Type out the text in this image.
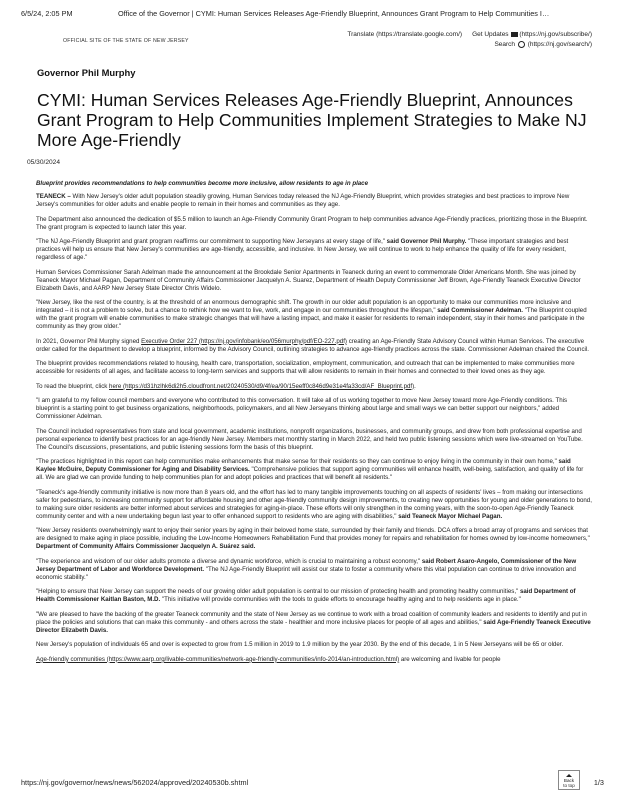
6/5/24, 2:05 PM	Office of the Governor | CYMI: Human Services Releases Age-Friendly Blueprint, Announces Grant Program to Help Communities I…
OFFICIAL SITE OF THE STATE OF NEW JERSEY
Translate (https://translate.google.com/) Get Updates (https://nj.gov/subscribe/)
Search (https://nj.gov/search/)
Governor Phil Murphy
CYMI: Human Services Releases Age-Friendly Blueprint, Announces Grant Program to Help Communities Implement Strategies to Make NJ More Age-Friendly
05/30/2024

Blueprint provides recommendations to help communities become more inclusive, allow residents to age in place

TEANECK – With New Jersey's older adult population steadily growing, Human Services today released the NJ Age-Friendly Blueprint, which provides strategies and best practices to improve New Jersey's communities for older adults and enable people to remain in their homes and communities as they age.

The Department also announced the dedication of $5.5 million to launch an Age-Friendly Community Grant Program to help communities advance Age-Friendly practices, prioritizing those in the Blueprint. The grant program is expected to launch later this year.

"The NJ Age-Friendly Blueprint and grant program reaffirms our commitment to supporting New Jerseyans at every stage of life," said Governor Phil Murphy. "These important strategies and best practices will help us ensure that New Jersey's communities are age-friendly, accessible, and inclusive. In New Jersey, we will continue to work to help enhance the quality of life for every resident, regardless of age."

Human Services Commissioner Sarah Adelman made the announcement at the Brookdale Senior Apartments in Teaneck during an event to commemorate Older Americans Month. She was joined by Teaneck Mayor Michael Pagan, Department of Community Affairs Commissioner Jacquelyn A. Suarez, Department of Health Deputy Commissioner Jeff Brown, Age-Friendly Teaneck Executive Director Elizabeth Davis, and AARP New Jersey State Director Chris Widelo.

"New Jersey, like the rest of the country, is at the threshold of an enormous demographic shift. The growth in our older adult population is an opportunity to make our communities more inclusive and integrated – it is not a problem to solve, but a chance to rethink how we want to live, work, and engage in our communities throughout the lifespan," said Commissioner Adelman. "The Blueprint coupled with the grant program will enable communities to make strategic changes that will have a lasting impact, and make it easier for residents to remain independent, stay in their homes and participate in the community as they grow older."

In 2021, Governor Phil Murphy signed Executive Order 227 (https://nj.gov/infobank/eo/056murphy/pdf/EO-227.pdf) creating an Age-Friendly State Advisory Council within Human Services. The executive order called for the department to develop a blueprint, informed by the Advisory Council, outlining strategies to advance age-friendly practices across the state. Commissioner Adelman chaired the Council.

The blueprint provides recommendations related to housing, health care, transportation, socialization, employment, communication, and outreach that can be implemented to make communities more accessible for residents of all ages, and facilitate access to long-term services and supports that will allow residents to remain in their homes and connected to their loved ones as they age.

To read the blueprint, click here (https://d31hzlhk6di2h5.cloudfront.net/20240530/d9/4f/ea/90/15eeff0c846d9e31e4fa33cd/AF_Blueprint.pdf).

"I am grateful to my fellow council members and everyone who contributed to this conversation. It will take all of us working together to move New Jersey toward more Age-Friendly conditions. This blueprint is a starting point to get business organizations, neighborhoods, policymakers, and all New Jerseyans thinking about large and small ways we can better support our neighbors," added Commissioner Adelman.

The Council included representatives from state and local government, academic institutions, nonprofit organizations, businesses, and community groups, and drew from both professional expertise and personal experience to identify best practices for an age-friendly New Jersey. Members met monthly starting in March 2022, and held two public listening sessions which were live-streamed on YouTube. The Council's discussions, presentations, and public listening sessions form the basis of this blueprint.

"The practices highlighted in this report can help communities make enhancements that make sense for their residents so they can continue to enjoy living in the community in their own home," said Kaylee McGuire, Deputy Commissioner for Aging and Disability Services. "Comprehensive policies that support aging communities will enhance health, well-being, satisfaction, and quality of life for all. We are glad we can provide funding to help communities plan for and adopt policies and practices that will benefit all residents."

"Teaneck's age-friendly community initiative is now more than 8 years old, and the effort has led to many tangible improvements touching on all aspects of residents' lives – from making our intersections safer for pedestrians, to increasing community support for affordable housing and other age-friendly community design improvements, to creating new opportunities for young and older generations to bond, to making sure older residents are better informed about services and strategies for aging-in-place. These efforts will only strengthen in the coming years, with the soon-to-open Age-Friendly Teaneck community center and with a new undertaking begun last year to offer enhanced support to residents who are aging with disabilities," said Teaneck Mayor Michael Pagan.

"New Jersey residents overwhelmingly want to enjoy their senior years by aging in their beloved home state, surrounded by their family and friends. DCA offers a broad array of programs and services that are designed to make aging in place possible, including the Low-Income Homeowners Rehabilitation Fund that provides money for repairs and rehabilitation for homes owned by low-income homeowners," Department of Community Affairs Commissioner Jacquelyn A. Suárez said.

"The experience and wisdom of our older adults promote a diverse and dynamic workforce, which is crucial to maintaining a robust economy," said Robert Asaro-Angelo, Commissioner of the New Jersey Department of Labor and Workforce Development. "The NJ Age-Friendly Blueprint will assist our state to foster a community where this vital population can continue to drive innovation and economic stability."

"Helping to ensure that New Jersey can support the needs of our growing older adult population is central to our mission of protecting health and promoting healthy communities," said Department of Health Commissioner Kaitlan Baston, M.D. "This initiative will provide communities with the tools to guide efforts to encourage healthy aging and to help residents age in place."

"We are pleased to have the backing of the greater Teaneck community and the state of New Jersey as we continue to work with a broad coalition of community leaders and residents to identify and put in place the policies and solutions that can make this community - and others across the state - healthier and more inclusive places for people of all ages and abilities," said Age-Friendly Teaneck Executive Director Elizabeth Davis.

New Jersey's population of individuals 65 and over is expected to grow from 1.5 million in 2019 to 1.9 million by the year 2030. By the end of this decade, 1 in 5 New Jerseyans will be 65 or older.

Age-friendly communities (https://www.aarp.org/livable-communities/network-age-friendly-communities/info-2014/an-introduction.html) are welcoming and livable for people

Back
to top
https://nj.gov/governor/news/news/562024/approved/20240530b.shtml	1/3
